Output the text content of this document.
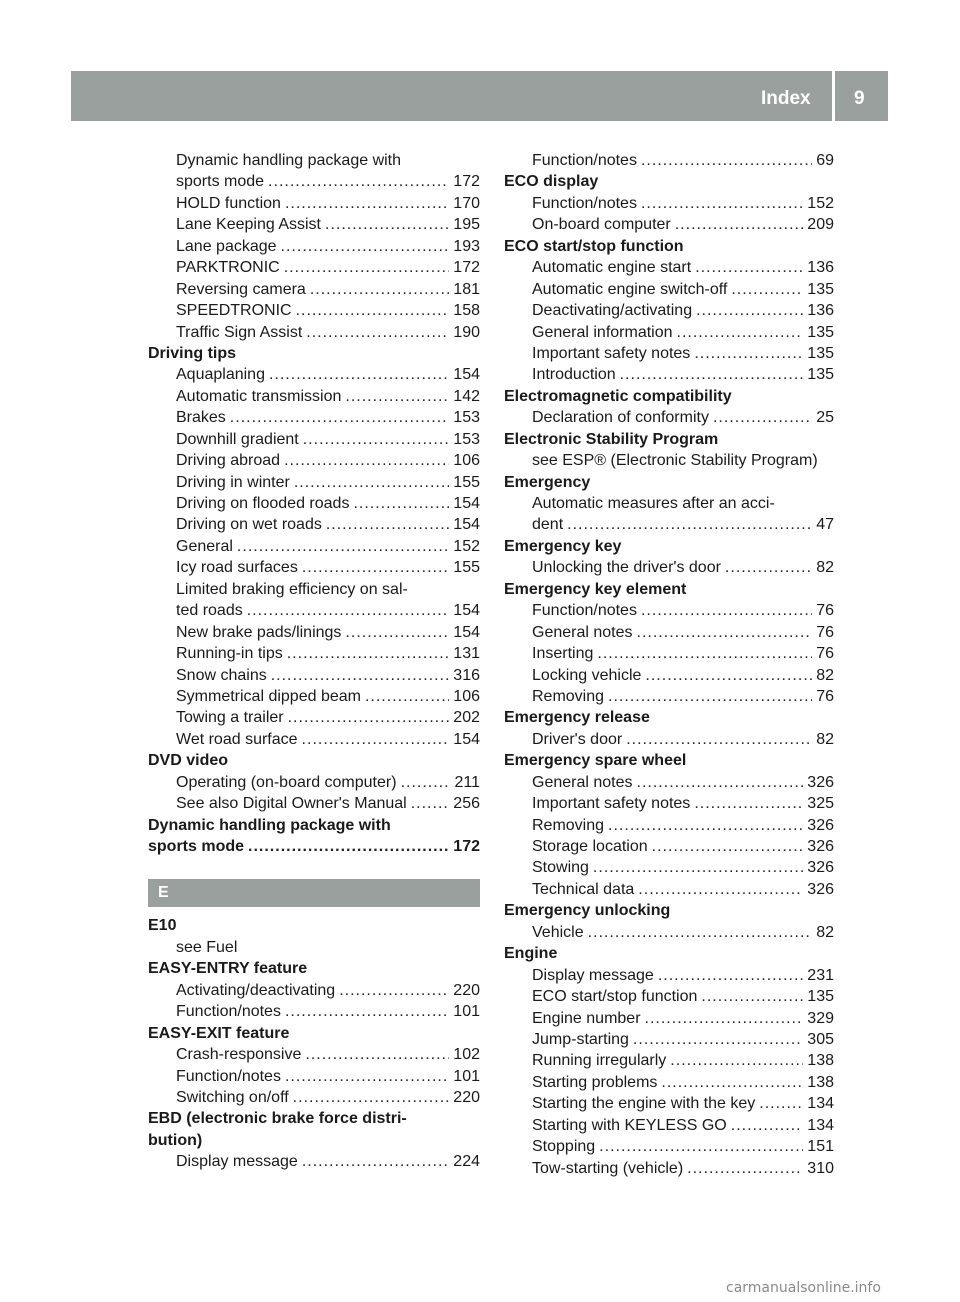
Index 9
Dynamic handling package with
sports mode .....	172
HOLD function .....	170
Lane Keeping Assist .....	195
Lane package .....	193
PARKTRONIC .....	172
Reversing camera .....	181
SPEEDTRONIC .....	158
Traffic Sign Assist .....	190
Driving tips
Aquaplaning .....	154
Automatic transmission .....	142
Brakes .....	153
Downhill gradient .....	153
Driving abroad .....	106
Driving in winter .....	155
Driving on flooded roads .....	154
Driving on wet roads .....	154
General .....	152
Icy road surfaces .....	155
Limited braking efficiency on sal-
ted roads .....	154
New brake pads/linings .....	154
Running-in tips .....	131
Snow chains .....	316
Symmetrical dipped beam .....	106
Towing a trailer .....	202
Wet road surface .....	154
DVD video
Operating (on-board computer) .....	211
See also Digital Owner's Manual .....	256
Dynamic handling package with
sports mode .....	172
E
E10
see Fuel
EASY-ENTRY feature
Activating/deactivating .....	220
Function/notes .....	101
EASY-EXIT feature
Crash-responsive .....	102
Function/notes .....	101
Switching on/off .....	220
EBD (electronic brake force distri-
bution)
Display message .....	224
Function/notes .....	69
ECO display
Function/notes .....	152
On-board computer .....	209
ECO start/stop function
Automatic engine start .....	136
Automatic engine switch-off .....	135
Deactivating/activating .....	136
General information .....	135
Important safety notes .....	135
Introduction .....	135
Electromagnetic compatibility
Declaration of conformity .....	25
Electronic Stability Program
see ESP® (Electronic Stability Program)
Emergency
Automatic measures after an acci-
dent .....	47
Emergency key
Unlocking the driver's door .....	82
Emergency key element
Function/notes .....	76
General notes .....	76
Inserting .....	76
Locking vehicle .....	82
Removing .....	76
Emergency release
Driver's door .....	82
Emergency spare wheel
General notes .....	326
Important safety notes .....	325
Removing .....	326
Storage location .....	326
Stowing .....	326
Technical data .....	326
Emergency unlocking
Vehicle .....	82
Engine
Display message .....	231
ECO start/stop function .....	135
Engine number .....	329
Jump-starting .....	305
Running irregularly .....	138
Starting problems .....	138
Starting the engine with the key .....	134
Starting with KEYLESS GO .....	134
Stopping .....	151
Tow-starting (vehicle) .....	310
carmanualsonline.info
